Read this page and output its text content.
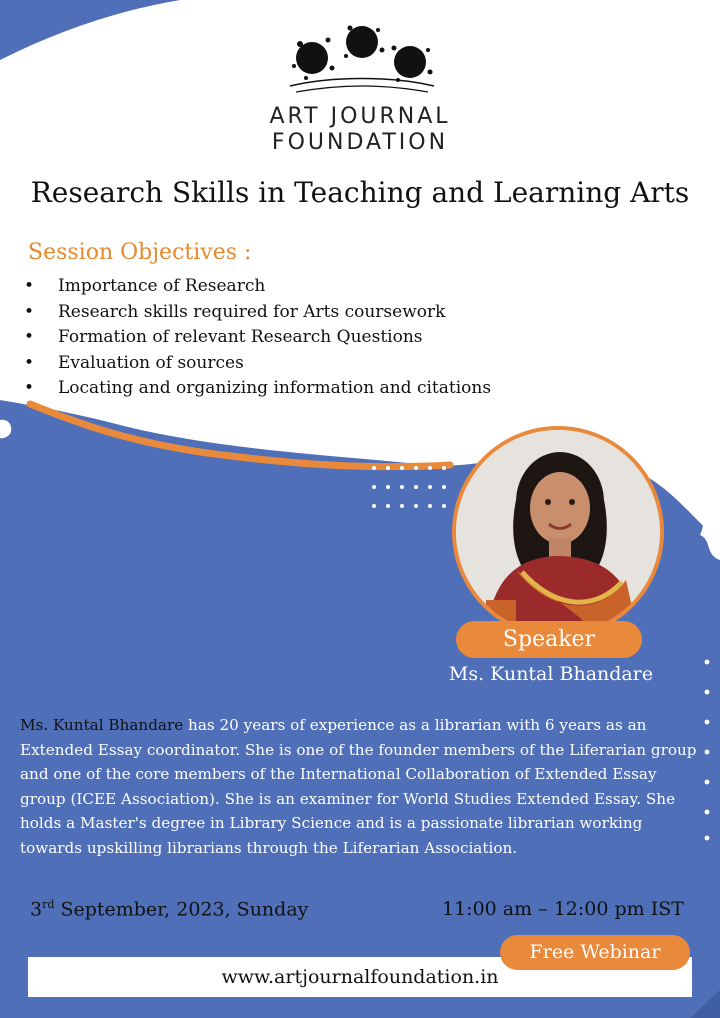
ART JOURNAL
FOUNDATION
Research Skills in Teaching and Learning Arts
Session Objectives :
• Importance of Research
• Research skills required for Arts coursework
• Formation of relevant Research Questions
• Evaluation of sources
• Locating and organizing information and citations
Speaker
Ms. Kuntal Bhandare
Ms. Kuntal Bhandare has 20 years of experience as a librarian with 6 years as an Extended Essay coordinator. She is one of the founder members of the Liferarian group and one of the core members of the International Collaboration of Extended Essay group (ICEE Association). She is an examiner for World Studies Extended Essay. She holds a Master's degree in Library Science and is a passionate librarian working towards upskilling librarians through the Liferarian Association.
3rd September, 2023, Sunday	11:00 am – 12:00 pm IST
www.artjournalfoundation.in
Free Webinar
